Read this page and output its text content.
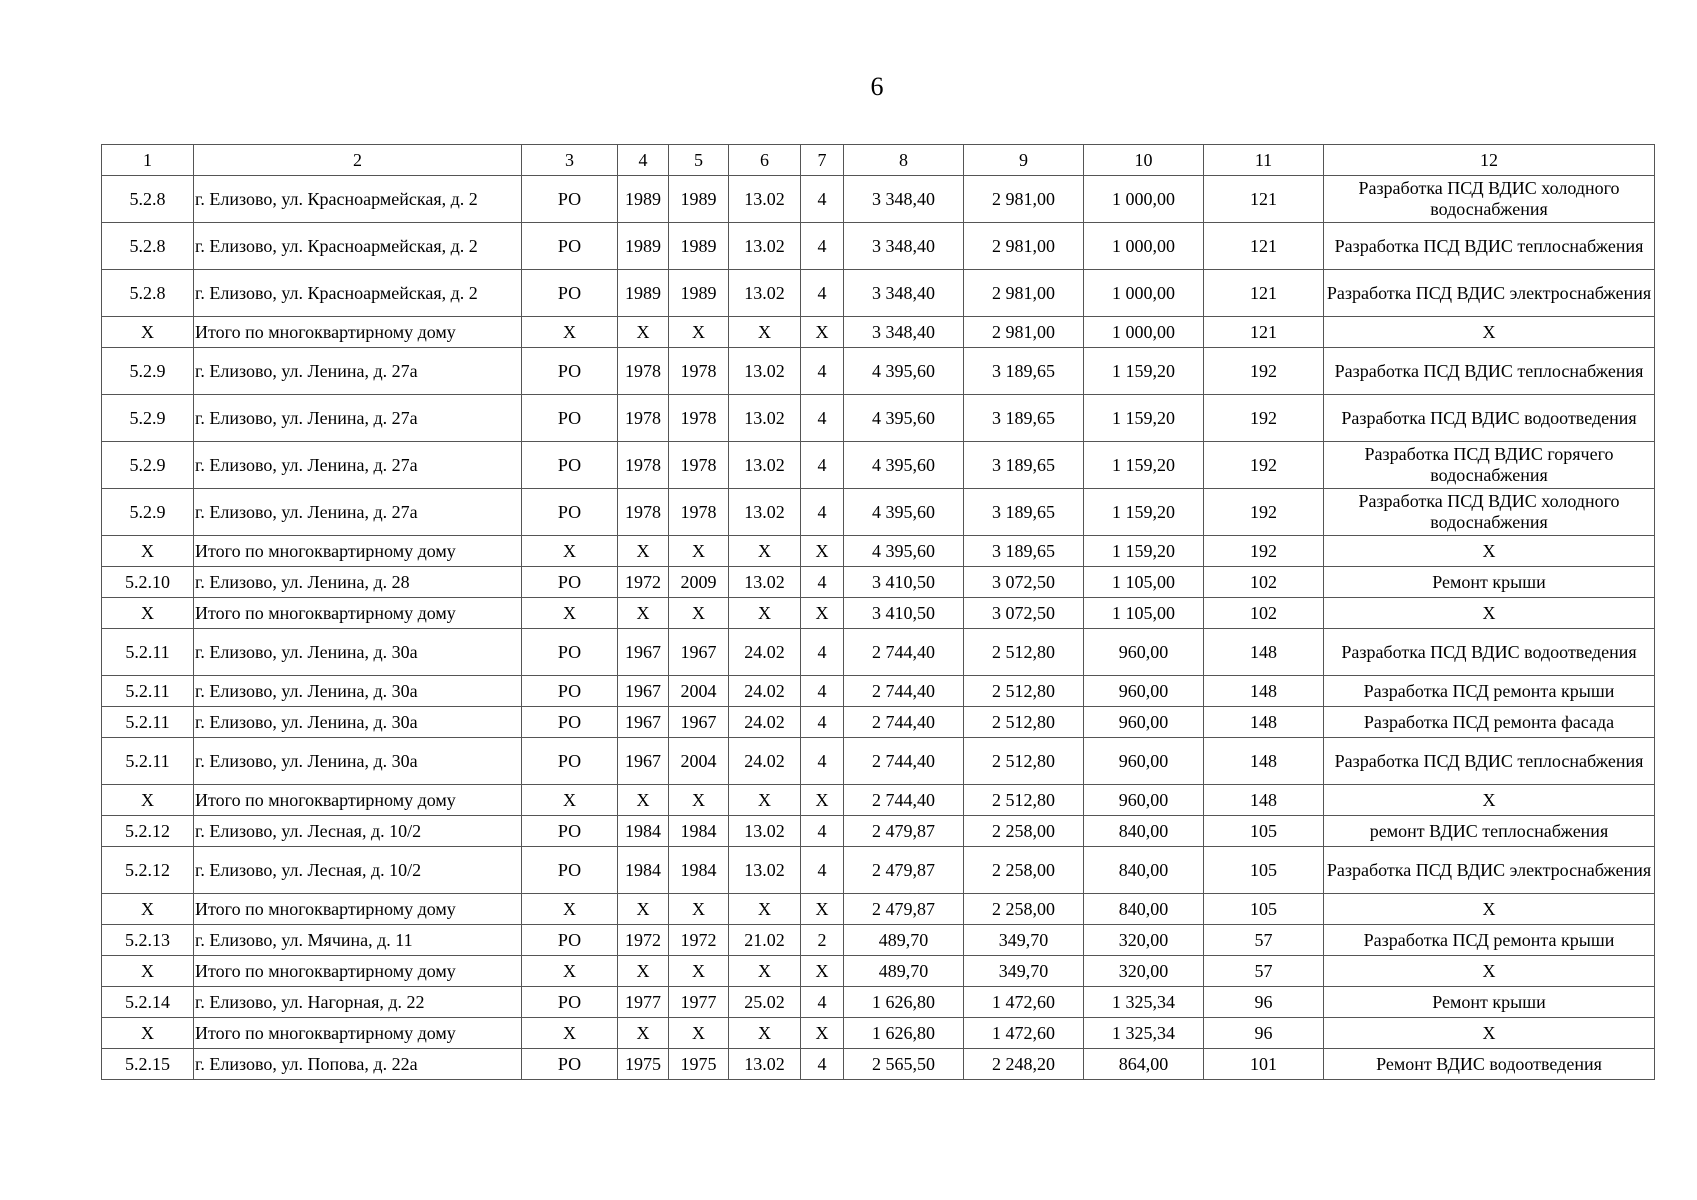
6
1	2	3	4	5	6	7	8	9	10	11	12
5.2.8	г. Елизово, ул. Красноармейская, д. 2	РО	1989	1989	13.02	4	3 348,40	2 981,00	1 000,00	121	Разработка ПСД ВДИС холодного водоснабжения
5.2.8	г. Елизово, ул. Красноармейская, д. 2	РО	1989	1989	13.02	4	3 348,40	2 981,00	1 000,00	121	Разработка ПСД ВДИС теплоснабжения
5.2.8	г. Елизово, ул. Красноармейская, д. 2	РО	1989	1989	13.02	4	3 348,40	2 981,00	1 000,00	121	Разработка ПСД ВДИС электроснабжения
Х	Итого по многоквартирному дому	Х	Х	Х	Х	Х	3 348,40	2 981,00	1 000,00	121	Х
5.2.9	г. Елизово, ул. Ленина, д. 27а	РО	1978	1978	13.02	4	4 395,60	3 189,65	1 159,20	192	Разработка ПСД ВДИС теплоснабжения
5.2.9	г. Елизово, ул. Ленина, д. 27а	РО	1978	1978	13.02	4	4 395,60	3 189,65	1 159,20	192	Разработка ПСД ВДИС водоотведения
5.2.9	г. Елизово, ул. Ленина, д. 27а	РО	1978	1978	13.02	4	4 395,60	3 189,65	1 159,20	192	Разработка ПСД ВДИС горячего водоснабжения
5.2.9	г. Елизово, ул. Ленина, д. 27а	РО	1978	1978	13.02	4	4 395,60	3 189,65	1 159,20	192	Разработка ПСД ВДИС холодного водоснабжения
Х	Итого по многоквартирному дому	Х	Х	Х	Х	Х	4 395,60	3 189,65	1 159,20	192	Х
5.2.10	г. Елизово, ул. Ленина, д. 28	РО	1972	2009	13.02	4	3 410,50	3 072,50	1 105,00	102	Ремонт крыши
Х	Итого по многоквартирному дому	Х	Х	Х	Х	Х	3 410,50	3 072,50	1 105,00	102	Х
5.2.11	г. Елизово, ул. Ленина, д. 30а	РО	1967	1967	24.02	4	2 744,40	2 512,80	960,00	148	Разработка ПСД ВДИС водоотведения
5.2.11	г. Елизово, ул. Ленина, д. 30а	РО	1967	2004	24.02	4	2 744,40	2 512,80	960,00	148	Разработка ПСД ремонта крыши
5.2.11	г. Елизово, ул. Ленина, д. 30а	РО	1967	1967	24.02	4	2 744,40	2 512,80	960,00	148	Разработка ПСД ремонта фасада
5.2.11	г. Елизово, ул. Ленина, д. 30а	РО	1967	2004	24.02	4	2 744,40	2 512,80	960,00	148	Разработка ПСД ВДИС теплоснабжения
Х	Итого по многоквартирному дому	Х	Х	Х	Х	Х	2 744,40	2 512,80	960,00	148	Х
5.2.12	г. Елизово, ул. Лесная, д. 10/2	РО	1984	1984	13.02	4	2 479,87	2 258,00	840,00	105	ремонт ВДИС теплоснабжения
5.2.12	г. Елизово, ул. Лесная, д. 10/2	РО	1984	1984	13.02	4	2 479,87	2 258,00	840,00	105	Разработка ПСД ВДИС электроснабжения
Х	Итого по многоквартирному дому	Х	Х	Х	Х	Х	2 479,87	2 258,00	840,00	105	Х
5.2.13	г. Елизово, ул. Мячина, д. 11	РО	1972	1972	21.02	2	489,70	349,70	320,00	57	Разработка ПСД ремонта крыши
Х	Итого по многоквартирному дому	Х	Х	Х	Х	Х	489,70	349,70	320,00	57	Х
5.2.14	г. Елизово, ул. Нагорная, д. 22	РО	1977	1977	25.02	4	1 626,80	1 472,60	1 325,34	96	Ремонт крыши
Х	Итого по многоквартирному дому	Х	Х	Х	Х	Х	1 626,80	1 472,60	1 325,34	96	Х
5.2.15	г. Елизово, ул. Попова, д. 22а	РО	1975	1975	13.02	4	2 565,50	2 248,20	864,00	101	Ремонт ВДИС водоотведения
